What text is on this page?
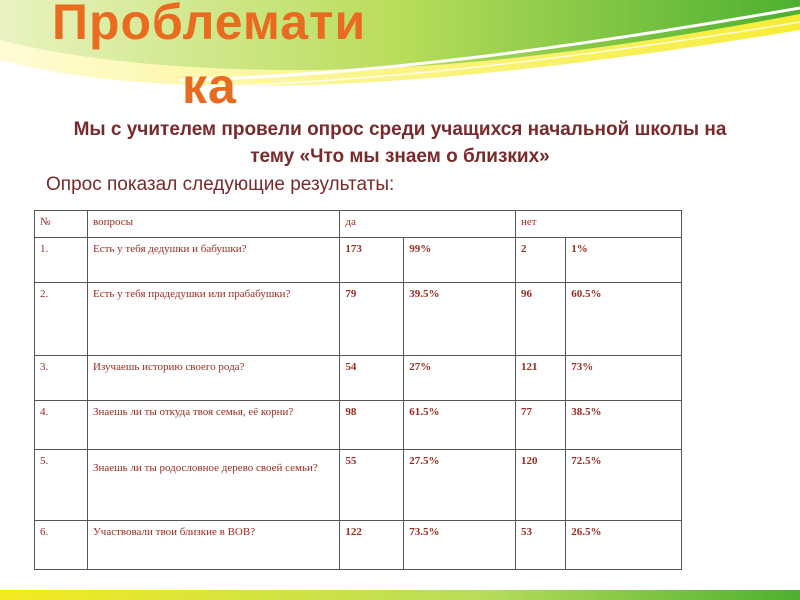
Проблемати
ка
Мы с учителем провели опрос среди учащихся начальной школы на тему «Что мы знаем о близких»
Опрос показал следующие результаты:
№	вопросы	да		нет	
1.	Есть у тебя дедушки и бабушки?	173	99%	2	1%
2.	Есть у тебя прадедушки или прабабушки?	79	39.5%	96	60.5%
3.	Изучаешь историю своего рода?	54	27%	121	73%
4.	Знаешь ли ты откуда твоя семья, её корни?	98	61.5%	77	38.5%
5.	Знаешь ли ты родословное дерево своей семьи?	55	27.5%	120	72.5%
6.	Участвовали твои близкие в ВОВ?	122	73.5%	53	26.5%
